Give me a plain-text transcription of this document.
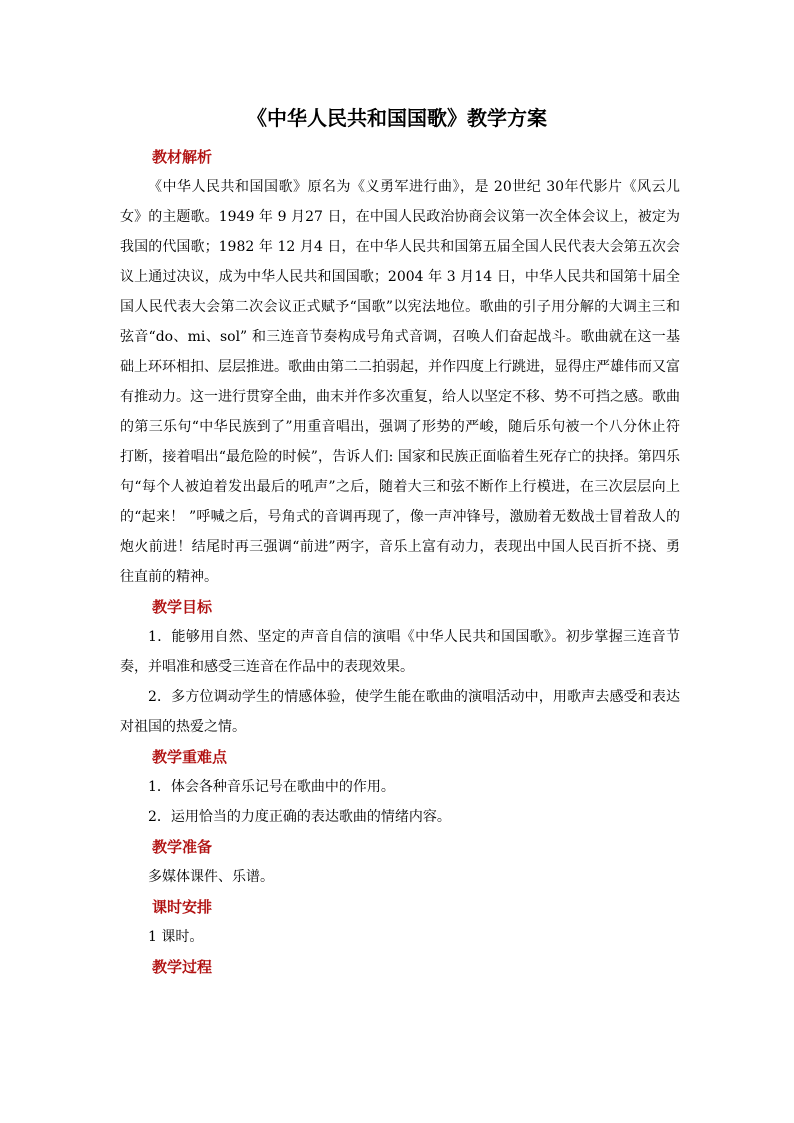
《中华人民共和国国歌》教学方案
教材解析

《中华人民共和国国歌》原名为《义勇军进行曲》，是 20世纪 30年代影片《风云儿女》的主题歌。1949 年 9 月27 日，在中国人民政治协商会议第一次全体会议上，被定为我国的代国歌；1982 年 12 月4 日，在中华人民共和国第五届全国人民代表大会第五次会议上通过决议，成为中华人民共和国国歌；2004 年 3 月14 日，中华人民共和国第十届全国人民代表大会第二次会议正式赋予“国歌”以宪法地位。歌曲的引子用分解的大调主三和弦音“do、mi、sol” 和三连音节奏构成号角式音调，召唤人们奋起战斗。歌曲就在这一基础上环环相扣、层层推进。歌曲由第二二拍弱起，并作四度上行跳进，显得庄严雄伟而又富有推动力。这一进行贯穿全曲，曲末并作多次重复，给人以坚定不移、势不可挡之感。歌曲的第三乐句“中华民族到了”用重音唱出，强调了形势的严峻，随后乐句被一个八分休止符打断，接着唱出“最危险的时候”，告诉人们: 国家和民族正面临着生死存亡的抉择。第四乐句“每个人被迫着发出最后的吼声”之后，随着大三和弦不断作上行模进，在三次层层向上的“起来！ ”呼喊之后，号角式的音调再现了，像一声冲锋号，激励着无数战士冒着敌人的炮火前进！结尾时再三强调“前进”两字，音乐上富有动力，表现出中国人民百折不挠、勇往直前的精神。

教学目标

1．能够用自然、坚定的声音自信的演唱《中华人民共和国国歌》。初步掌握三连音节奏，并唱准和感受三连音在作品中的表现效果。

2．多方位调动学生的情感体验，使学生能在歌曲的演唱活动中，用歌声去感受和表达对祖国的热爱之情。

教学重难点

1．体会各种音乐记号在歌曲中的作用。

2．运用恰当的力度正确的表达歌曲的情绪内容。

教学准备

多媒体课件、乐谱。

课时安排

1 课时。

教学过程
